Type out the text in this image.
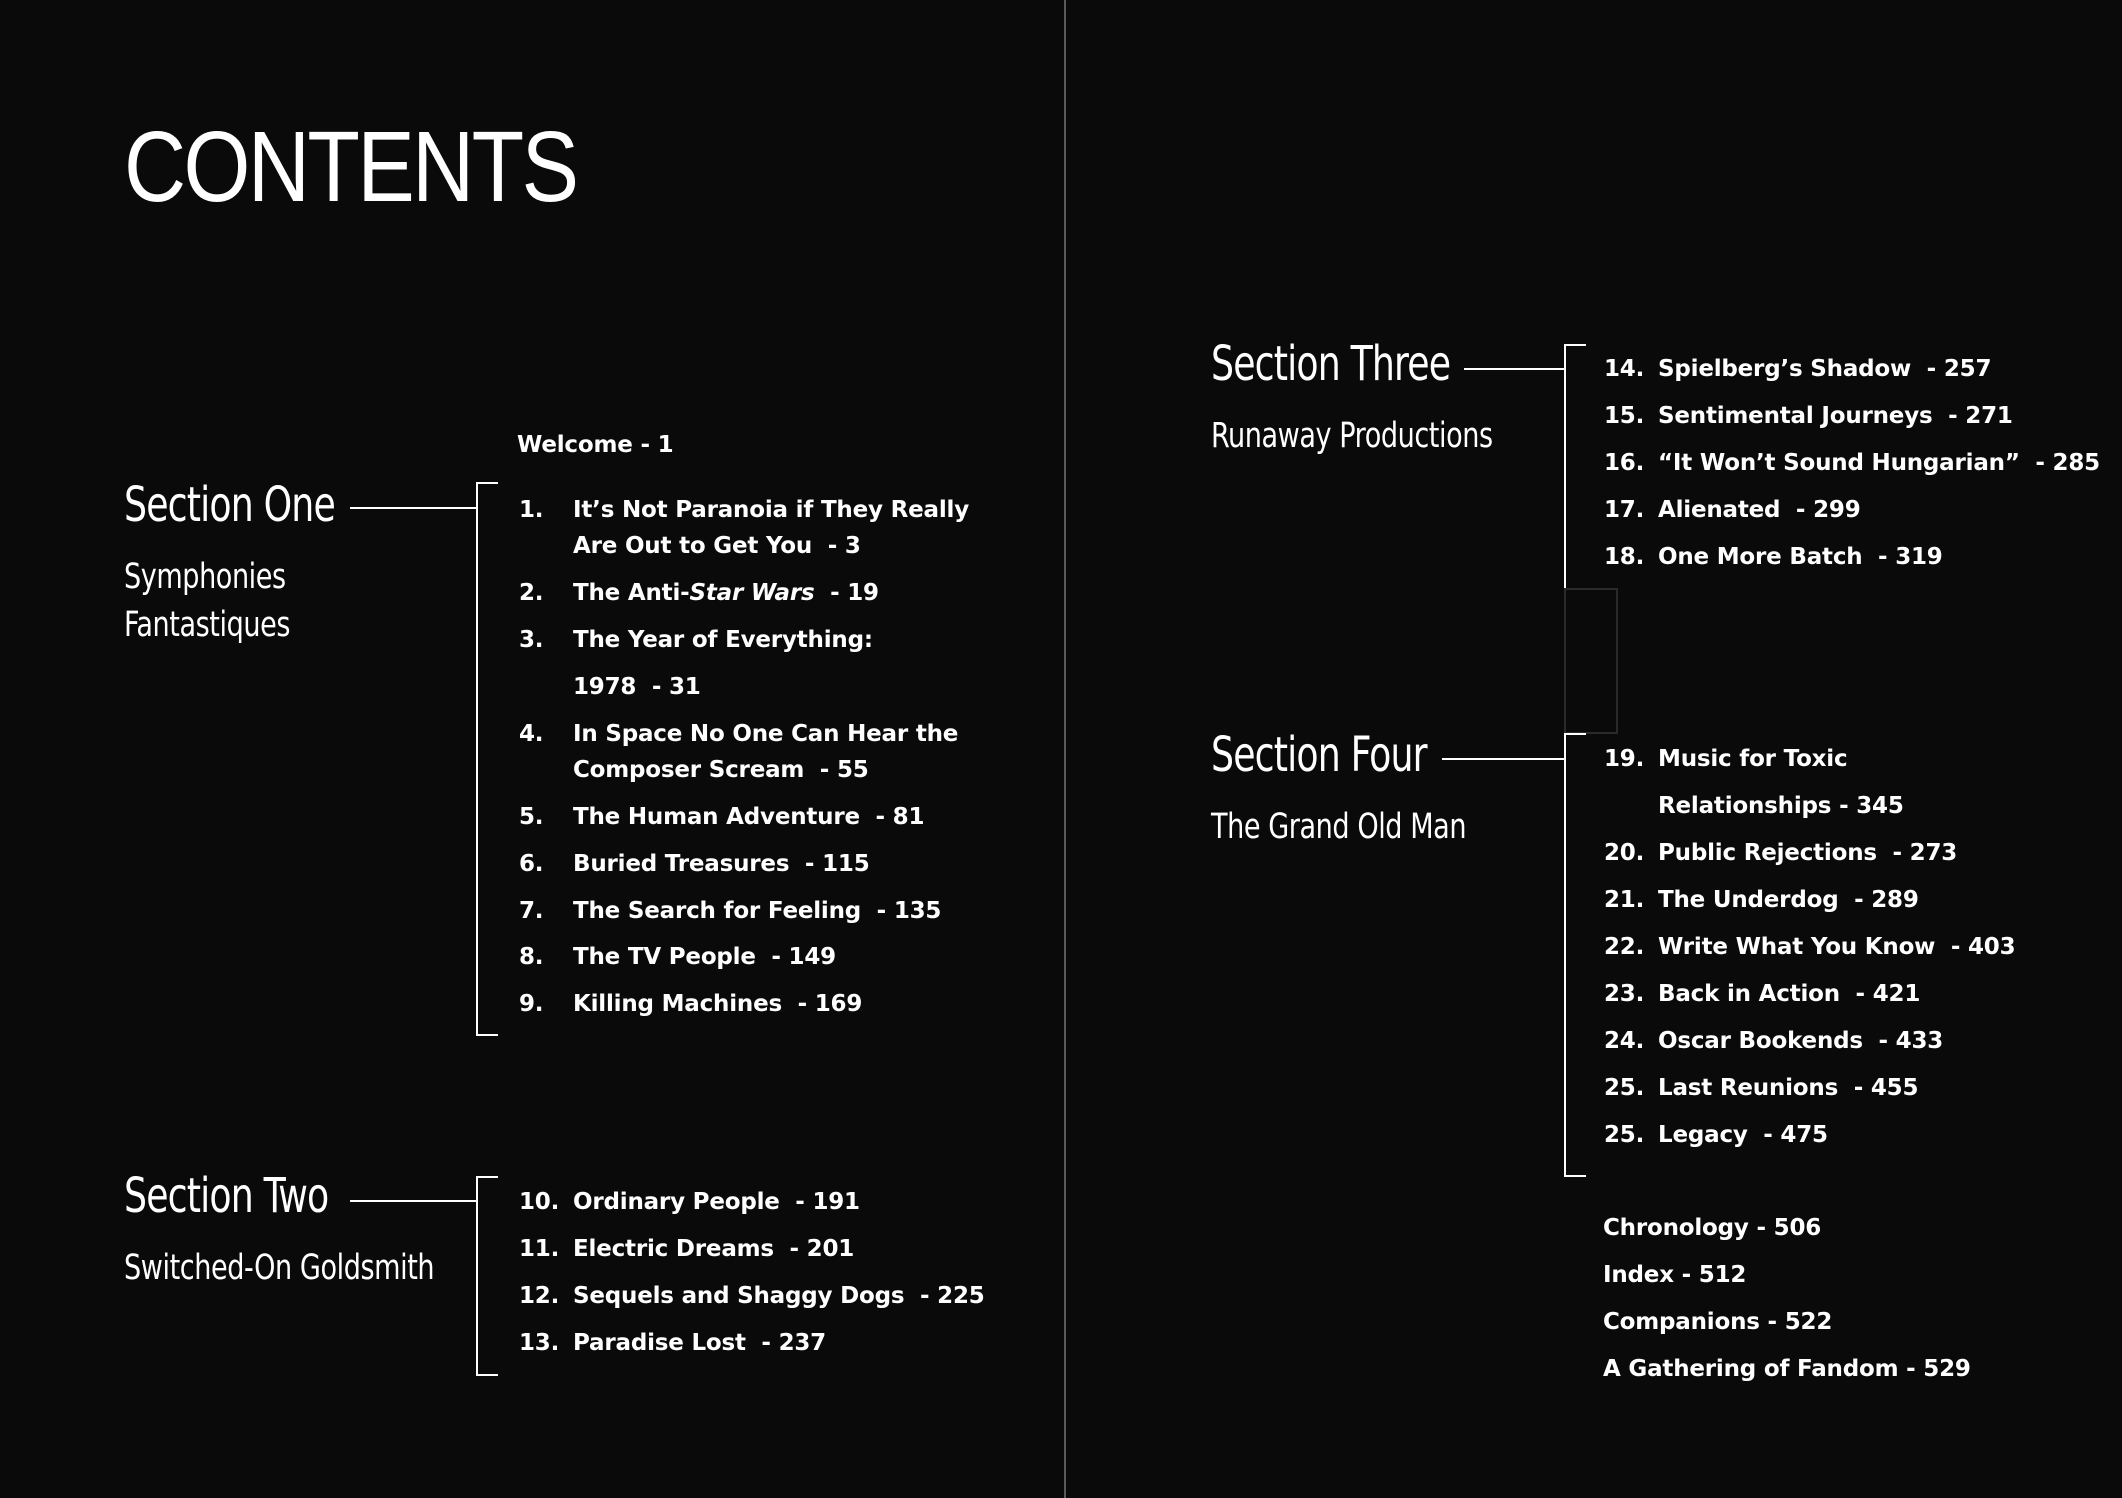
CONTENTS
Welcome - 1
Section One
Symphonies
Fantastiques
Section Two
Switched-On Goldsmith
Section Three
Runaway Productions
Section Four
The Grand Old Man
1. It’s Not Paranoia if They Really
Are Out to Get You  - 3
2. The Anti-Star Wars  - 19
3. The Year of Everything:
1978  - 31
4. In Space No One Can Hear the
Composer Scream  - 55
5. The Human Adventure  - 81
6. Buried Treasures  - 115
7. The Search for Feeling  - 135
8. The TV People  - 149
9. Killing Machines  - 169
10. Ordinary People  - 191
11. Electric Dreams  - 201
12. Sequels and Shaggy Dogs  - 225
13. Paradise Lost  - 237
14. Spielberg’s Shadow  - 257
15. Sentimental Journeys  - 271
16. “It Won’t Sound Hungarian”  - 285
17. Alienated  - 299
18. One More Batch  - 319
19. Music for Toxic
Relationships - 345
20. Public Rejections  - 273
21. The Underdog  - 289
22. Write What You Know  - 403
23. Back in Action  - 421
24. Oscar Bookends  - 433
25. Last Reunions  - 455
25. Legacy  - 475
Chronology - 506
Index - 512
Companions - 522
A Gathering of Fandom - 529
